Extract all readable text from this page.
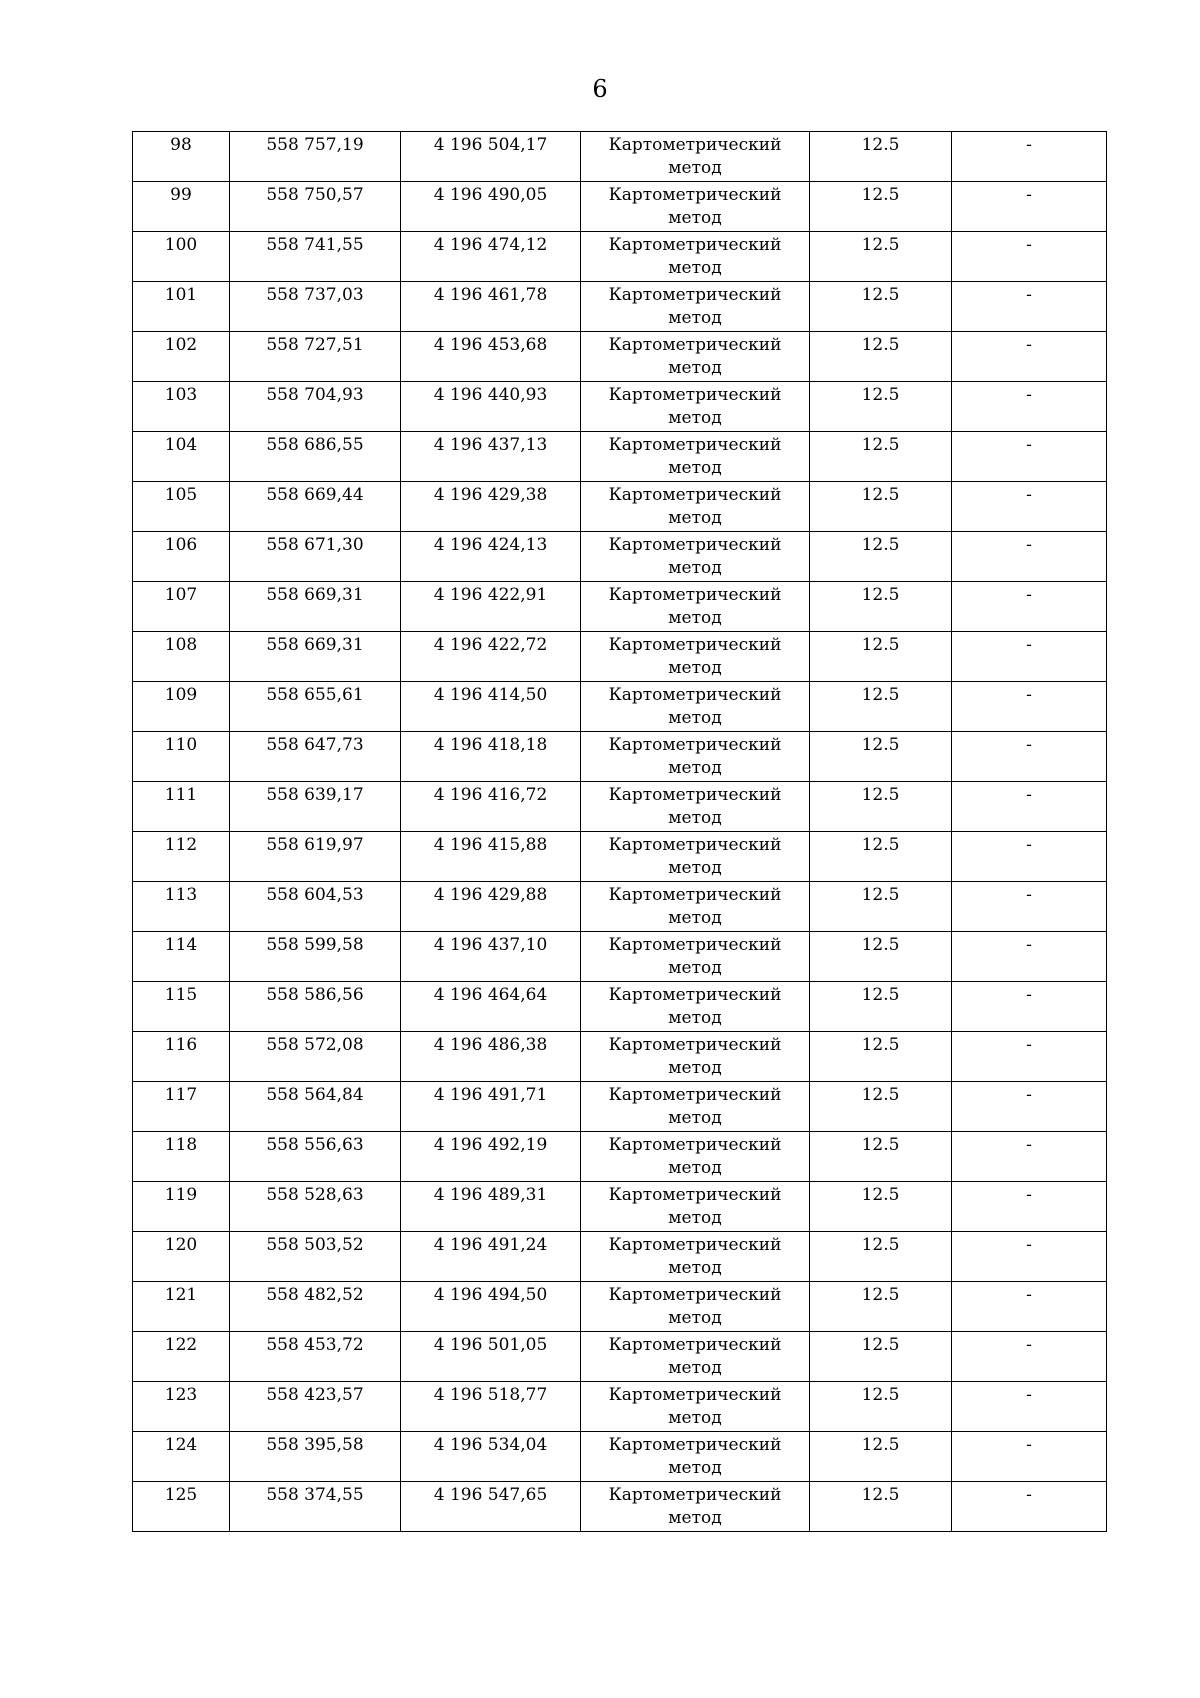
6
98	558 757,19	4 196 504,17	Картометрический метод	12.5	-
99	558 750,57	4 196 490,05	Картометрический метод	12.5	-
100	558 741,55	4 196 474,12	Картометрический метод	12.5	-
101	558 737,03	4 196 461,78	Картометрический метод	12.5	-
102	558 727,51	4 196 453,68	Картометрический метод	12.5	-
103	558 704,93	4 196 440,93	Картометрический метод	12.5	-
104	558 686,55	4 196 437,13	Картометрический метод	12.5	-
105	558 669,44	4 196 429,38	Картометрический метод	12.5	-
106	558 671,30	4 196 424,13	Картометрический метод	12.5	-
107	558 669,31	4 196 422,91	Картометрический метод	12.5	-
108	558 669,31	4 196 422,72	Картометрический метод	12.5	-
109	558 655,61	4 196 414,50	Картометрический метод	12.5	-
110	558 647,73	4 196 418,18	Картометрический метод	12.5	-
111	558 639,17	4 196 416,72	Картометрический метод	12.5	-
112	558 619,97	4 196 415,88	Картометрический метод	12.5	-
113	558 604,53	4 196 429,88	Картометрический метод	12.5	-
114	558 599,58	4 196 437,10	Картометрический метод	12.5	-
115	558 586,56	4 196 464,64	Картометрический метод	12.5	-
116	558 572,08	4 196 486,38	Картометрический метод	12.5	-
117	558 564,84	4 196 491,71	Картометрический метод	12.5	-
118	558 556,63	4 196 492,19	Картометрический метод	12.5	-
119	558 528,63	4 196 489,31	Картометрический метод	12.5	-
120	558 503,52	4 196 491,24	Картометрический метод	12.5	-
121	558 482,52	4 196 494,50	Картометрический метод	12.5	-
122	558 453,72	4 196 501,05	Картометрический метод	12.5	-
123	558 423,57	4 196 518,77	Картометрический метод	12.5	-
124	558 395,58	4 196 534,04	Картометрический метод	12.5	-
125	558 374,55	4 196 547,65	Картометрический метод	12.5	-
